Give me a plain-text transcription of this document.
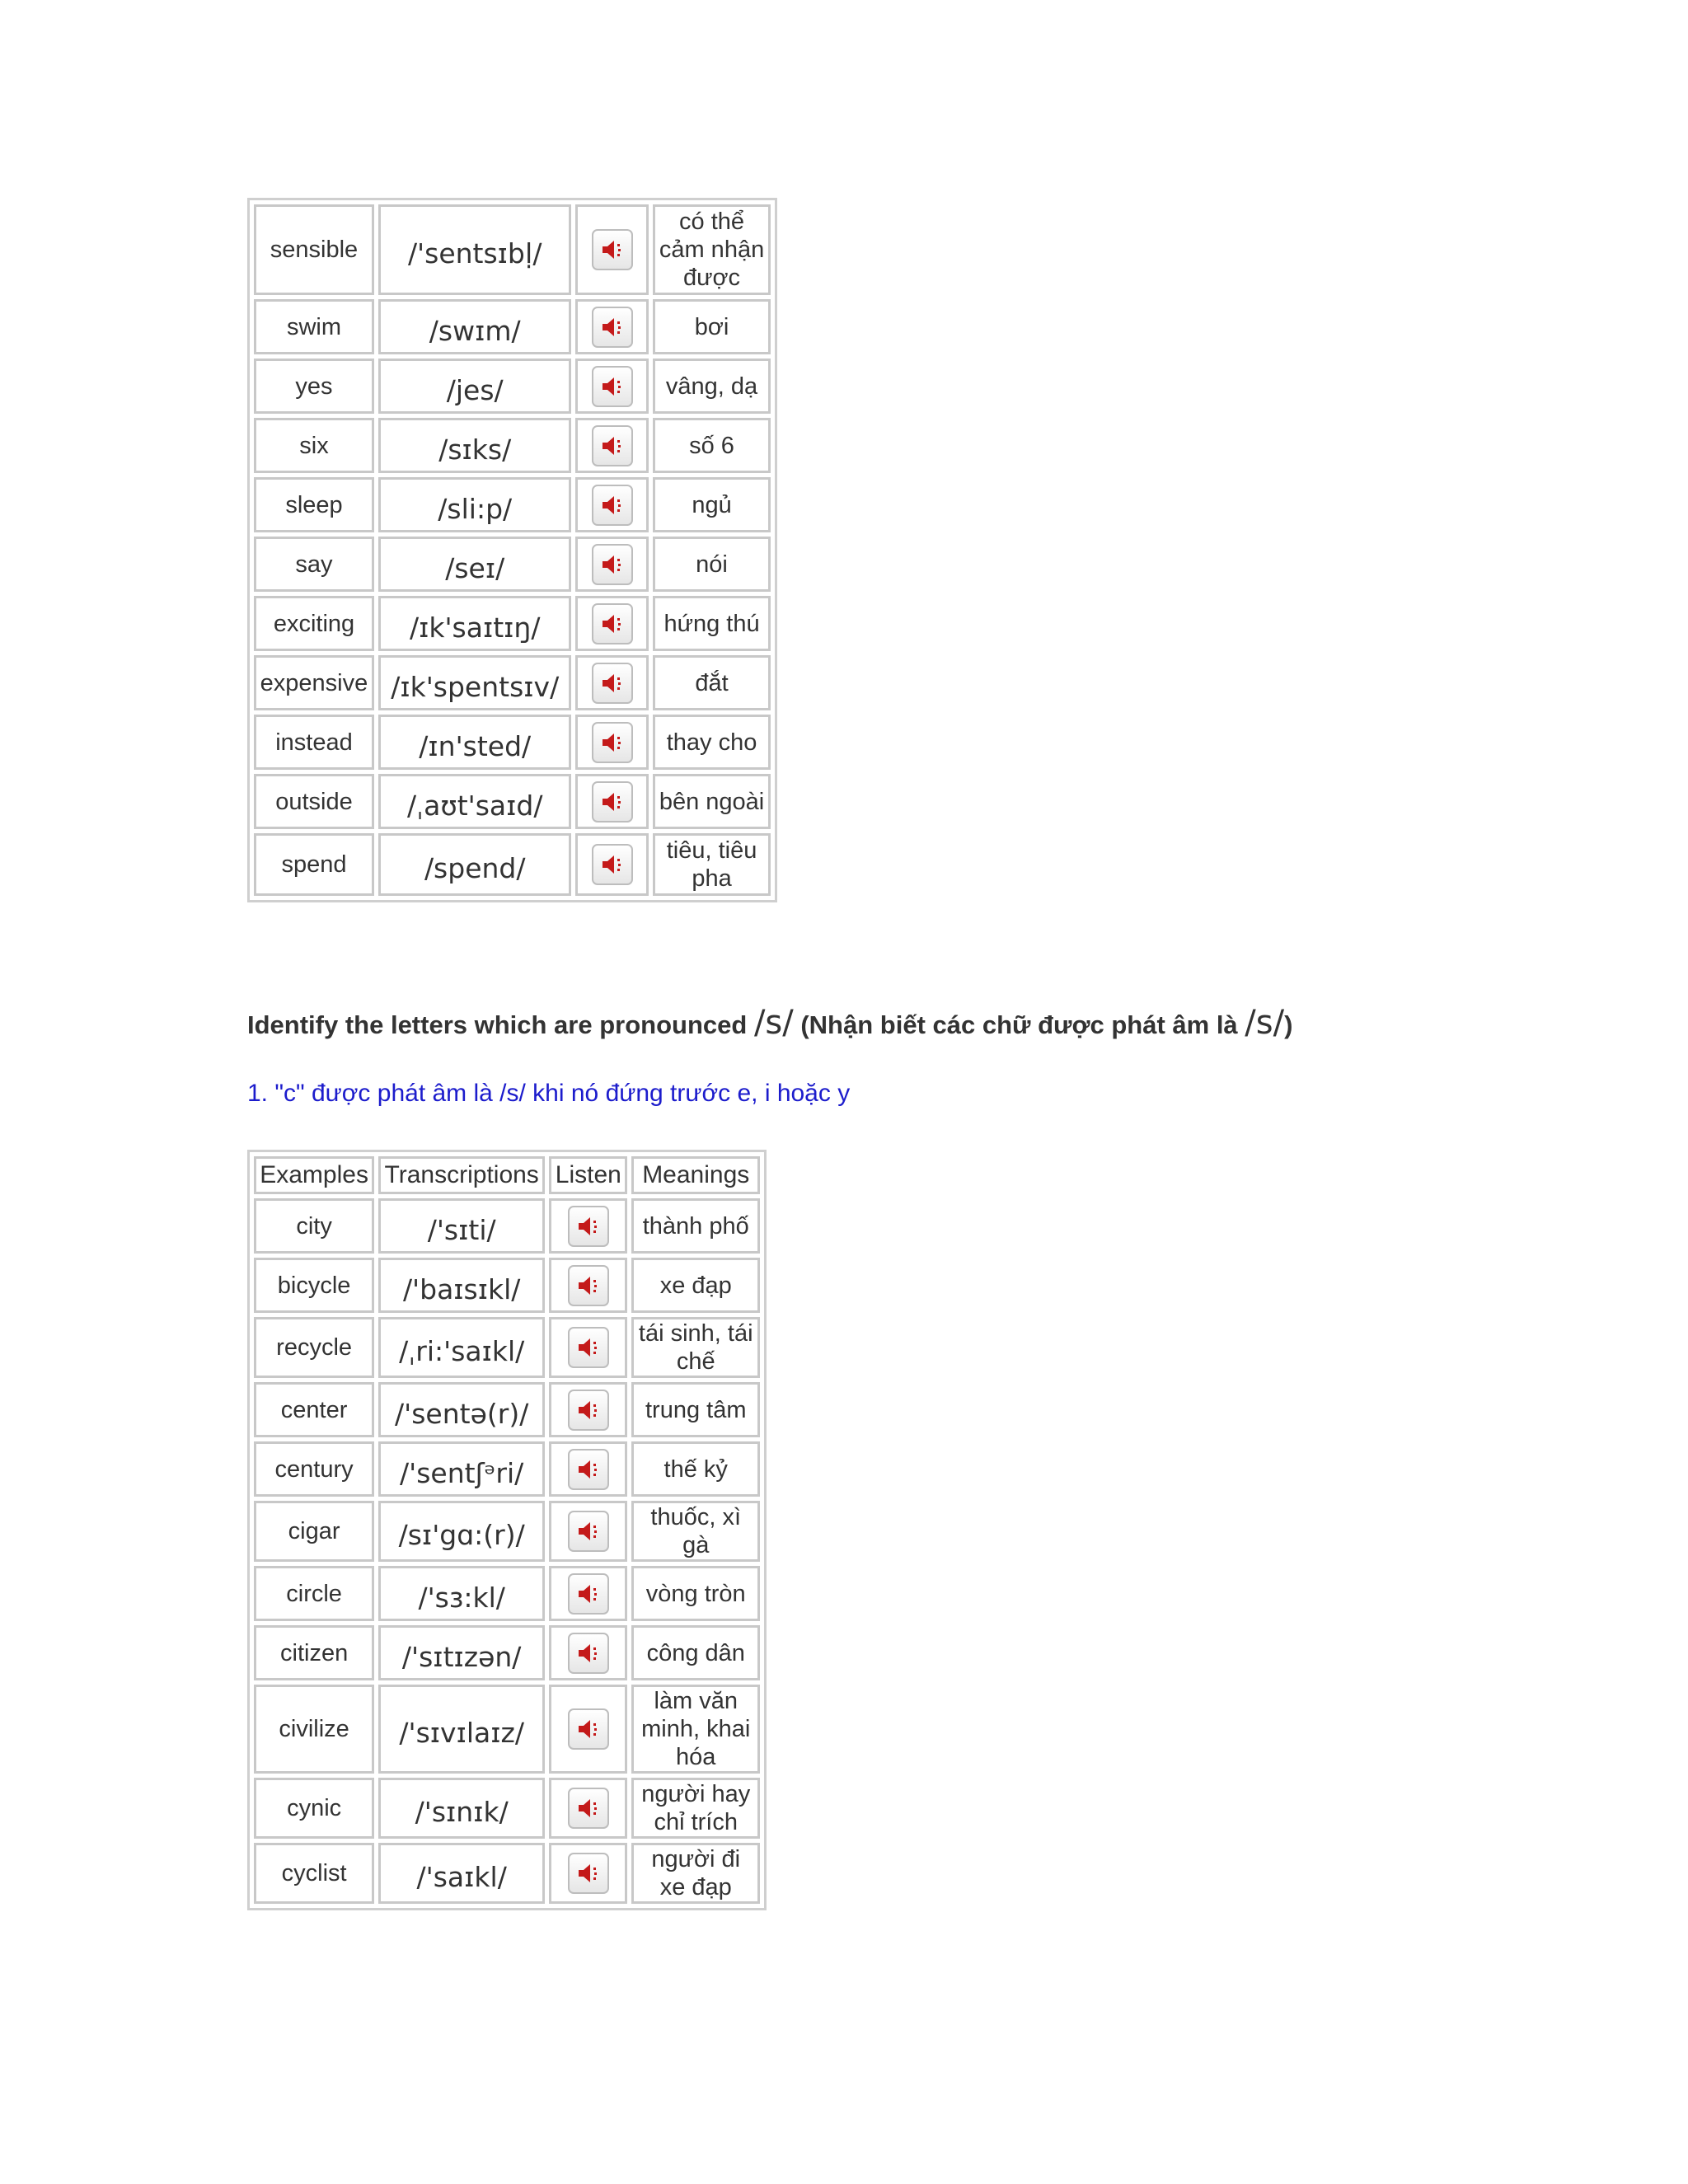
sensible	/'sentsɪbḷ/		có thể cảm nhận được
swim	/swɪm/		bơi
yes	/jes/		vâng, dạ
six	/sɪks/		số 6
sleep	/sli:p/		ngủ
say	/seɪ/		nói
exciting	/ɪk'saɪtɪŋ/		hứng thú
expensive	/ɪk'spentsɪv/		đắt
instead	/ɪn'sted/		thay cho
outside	/ˌaʊt'saɪd/		bên ngoài
spend	/spend/		tiêu, tiêu pha
Identify the letters which are pronounced /s/ (Nhận biết các chữ được phát âm là /s/)
1. "c" được phát âm là /s/ khi nó đứng trước e, i hoặc y
Examples	Transcriptions	Listen	Meanings
city	/'sɪti/		thành phố
bicycle	/'baɪsɪkl/		xe đạp
recycle	/ˌri:'saɪkl/		tái sinh, tái chế
center	/'sentə(r)/		trung tâm
century	/'sentʃᵊri/		thế kỷ
cigar	/sɪ'gɑ:(r)/		thuốc, xì gà
circle	/'sɜ:kl/		vòng tròn
citizen	/'sɪtɪzən/		công dân
civilize	/'sɪvɪlaɪz/		làm văn minh, khai hóa
cynic	/'sɪnɪk/		người hay chỉ trích
cyclist	/'saɪkl/		người đi xe đạp
